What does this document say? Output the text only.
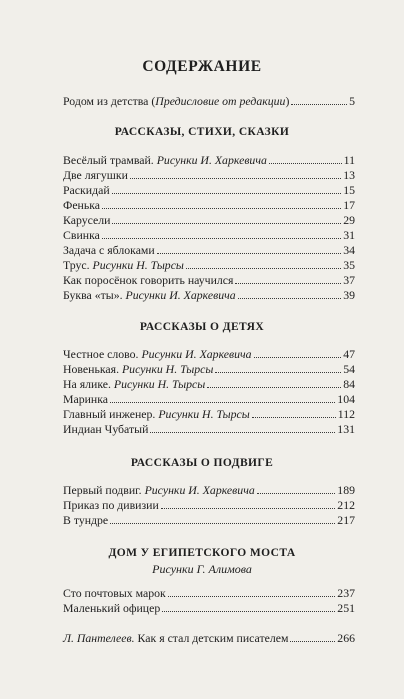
СОДЕРЖАНИЕ
Родом из детства (Предисловие от редакции)	5
РАССКАЗЫ, СТИХИ, СКАЗКИ
Весёлый трамвай. Рисунки И. Харкевича	11
Две лягушки	13
Раскидай	15
Фенька	17
Карусели	29
Свинка	31
Задача с яблоками	34
Трус. Рисунки Н. Тырсы	35
Как поросёнок говорить научился	37
Буква «ты». Рисунки И. Харкевича	39
РАССКАЗЫ О ДЕТЯХ
Честное слово. Рисунки И. Харкевича	47
Новенькая. Рисунки Н. Тырсы	54
На ялике. Рисунки Н. Тырсы	84
Маринка	104
Главный инженер. Рисунки Н. Тырсы	112
Индиан Чубатый	131
РАССКАЗЫ О ПОДВИГЕ
Первый подвиг. Рисунки И. Харкевича	189
Приказ по дивизии	212
В тундре	217
ДОМ У ЕГИПЕТСКОГО МОСТА
Рисунки Г. Алимова
Сто почтовых марок	237
Маленький офицер	251
Л. Пантелеев. Как я стал детским писателем	266
